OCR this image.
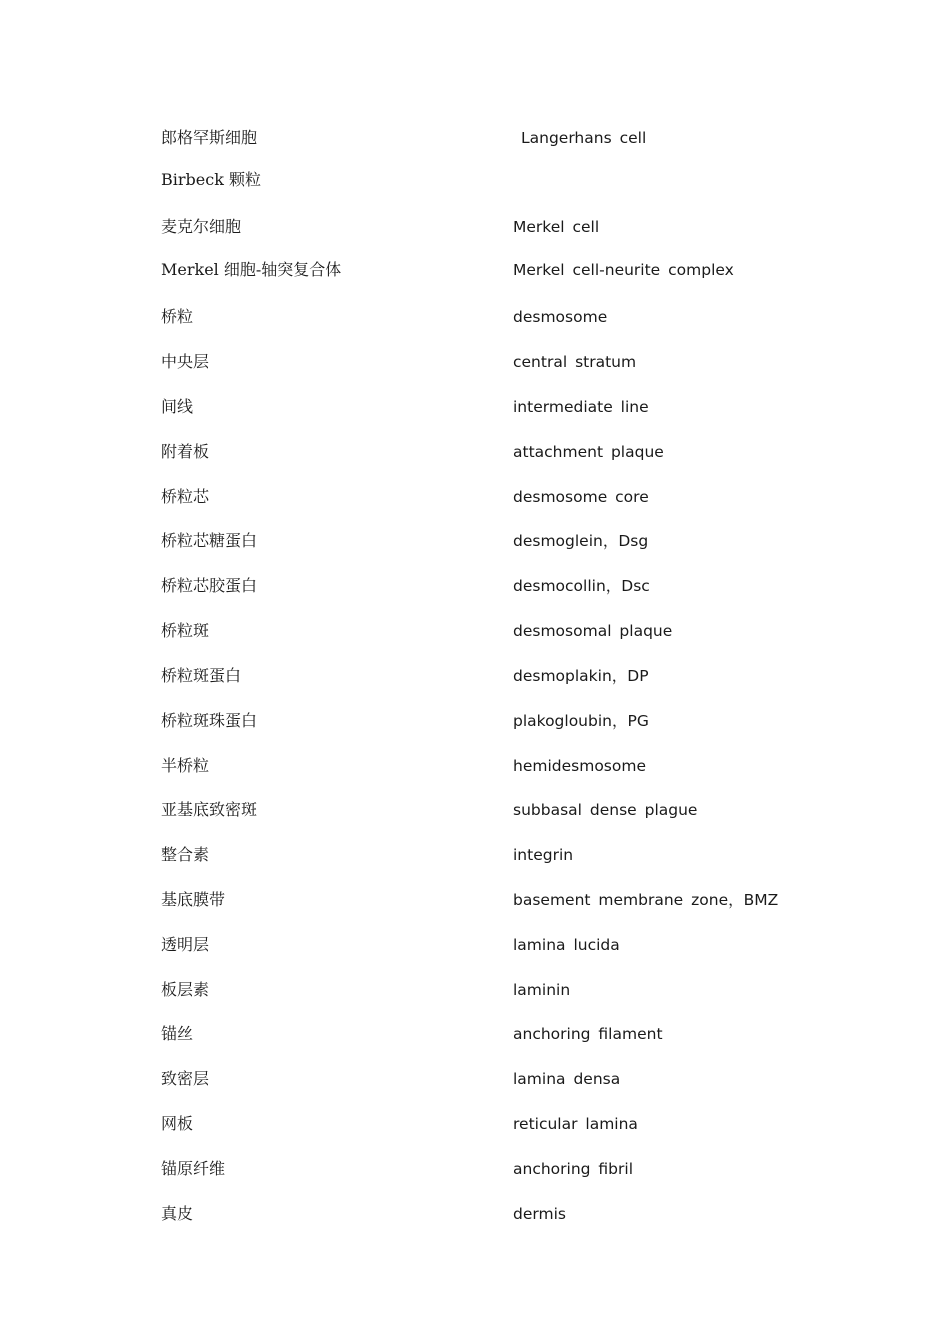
郎格罕斯细胞	Langerhans cell
Birbeck 颗粒
麦克尔细胞	Merkel cell
Merkel 细胞-轴突复合体	Merkel cell-neurite complex
桥粒	desmosome
中央层	central stratum
间线	intermediate line
附着板	attachment plaque
桥粒芯	desmosome core
桥粒芯糖蛋白	desmoglein，Dsg
桥粒芯胶蛋白	desmocollin，Dsc
桥粒斑	desmosomal plaque
桥粒斑蛋白	desmoplakin，DP
桥粒斑珠蛋白	plakogloubin，PG
半桥粒	hemidesmosome
亚基底致密斑	subbasal dense plague
整合素	integrin
基底膜带	basement membrane zone，BMZ
透明层	lamina lucida
板层素	laminin
锚丝	anchoring filament
致密层	lamina densa
网板	reticular lamina
锚原纤维	anchoring fibril
真皮	dermis
